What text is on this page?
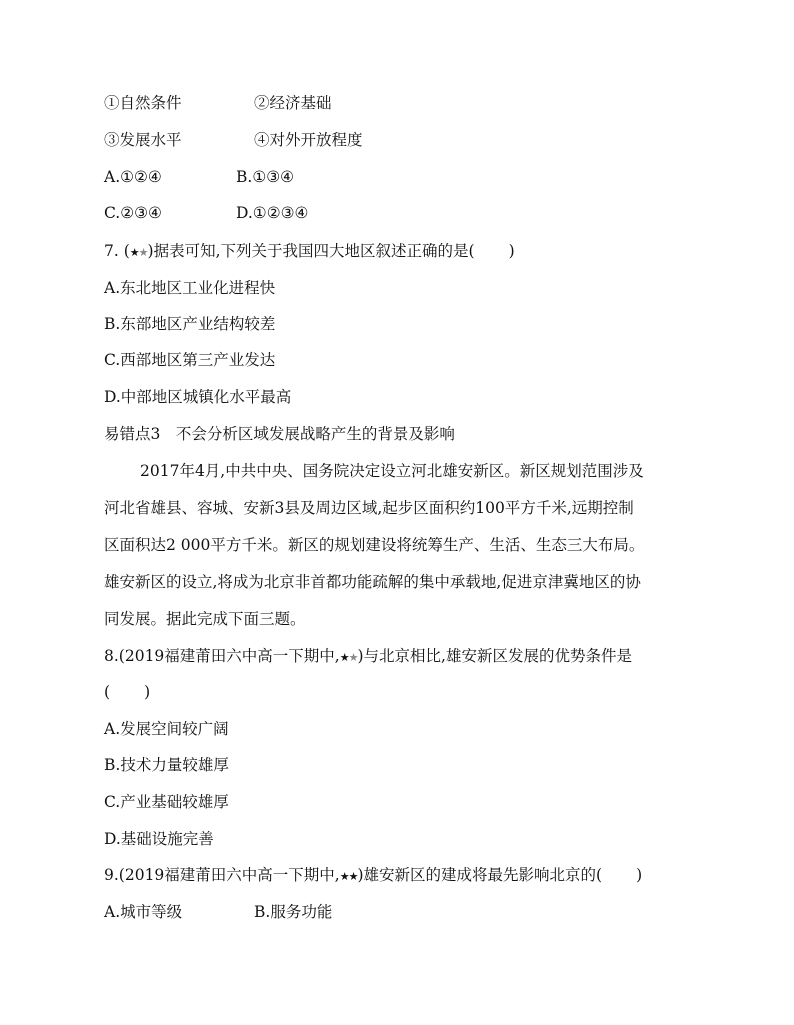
①自然条件	②经济基础
③发展水平	④对外开放程度
A.①②④	B.①③④
C.②③④	D.①②③④
7. (★★)据表可知,下列关于我国四大地区叙述正确的是( )
A.东北地区工业化进程快
B.东部地区产业结构较差
C.西部地区第三产业发达
D.中部地区城镇化水平最高
易错点3　不会分析区域发展战略产生的背景及影响
2017年4月,中共中央、国务院决定设立河北雄安新区。新区规划范围涉及
河北省雄县、容城、安新3县及周边区域,起步区面积约100平方千米,远期控制
区面积达2 000平方千米。新区的规划建设将统筹生产、生活、生态三大布局。
雄安新区的设立,将成为北京非首都功能疏解的集中承载地,促进京津冀地区的协
同发展。据此完成下面三题。
8.(2019福建莆田六中高一下期中,★★)与北京相比,雄安新区发展的优势条件是
( )
A.发展空间较广阔
B.技术力量较雄厚
C.产业基础较雄厚
D.基础设施完善
9.(2019福建莆田六中高一下期中,★★)雄安新区的建成将最先影响北京的( )
A.城市等级	B.服务功能
